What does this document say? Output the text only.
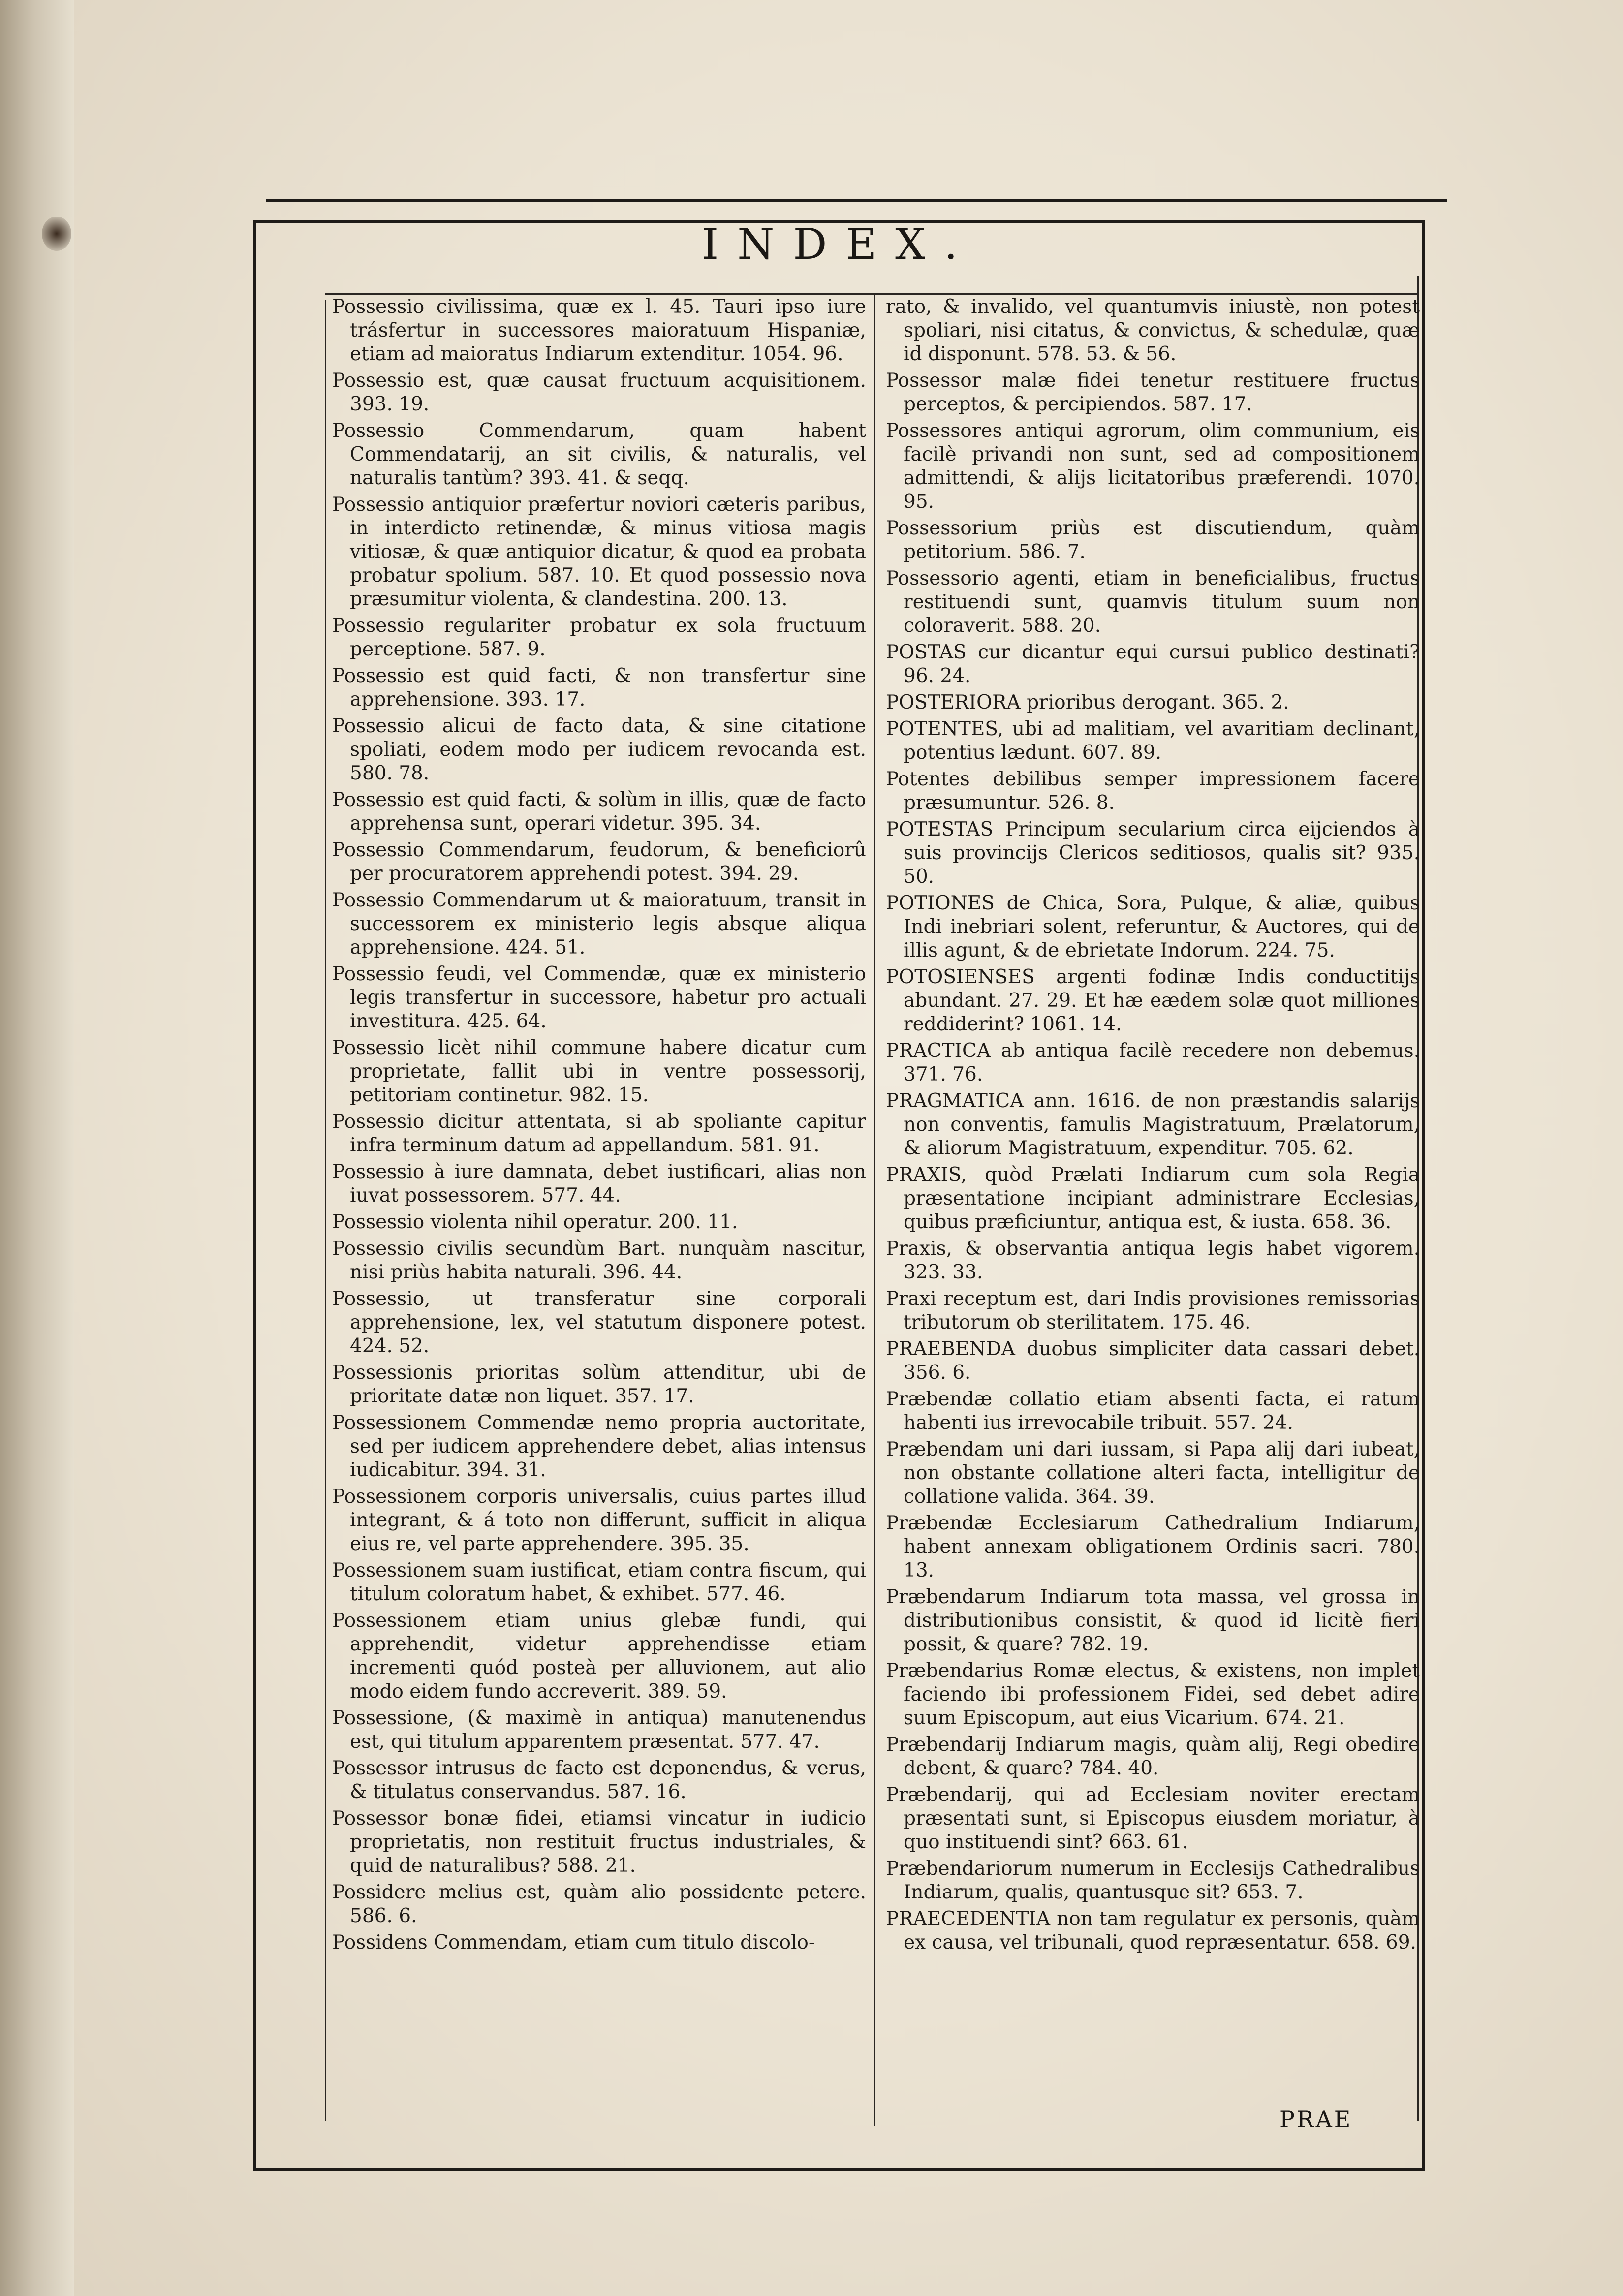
INDEX.

Possessio civilissima, quæ ex l. 45. Tauri ipso iure trásfertur in successores maioratuum Hispaniæ, etiam ad maioratus Indiarum extenditur. 1054. 96.

Possessio est, quæ causat fructuum acquisitionem. 393. 19.

Possessio Commendarum, quam habent Commendatarij, an sit civilis, & naturalis, vel naturalis tantùm? 393. 41. & seqq.

Possessio antiquior præfertur noviori cæteris paribus, in interdicto retinendæ, & minus vitiosa magis vitiosæ, & quæ antiquior dicatur, & quod ea probata probatur spolium. 587. 10. Et quod possessio nova præsumitur violenta, & clandestina. 200. 13.

Possessio regulariter probatur ex sola fructuum perceptione. 587. 9.

Possessio est quid facti, & non transfertur sine apprehensione. 393. 17.

Possessio alicui de facto data, & sine citatione spoliati, eodem modo per iudicem revocanda est. 580. 78.

Possessio est quid facti, & solùm in illis, quæ de facto apprehensa sunt, operari videtur. 395. 34.

Possessio Commendarum, feudorum, & beneficiorû per procuratorem apprehendi potest. 394. 29.

Possessio Commendarum ut & maioratuum, transit in successorem ex ministerio legis absque aliqua apprehensione. 424. 51.

Possessio feudi, vel Commendæ, quæ ex ministerio legis transfertur in successore, habetur pro actuali investitura. 425. 64.

Possessio licèt nihil commune habere dicatur cum proprietate, fallit ubi in ventre possessorij, petitoriam continetur. 982. 15.

Possessio dicitur attentata, si ab spoliante capitur infra terminum datum ad appellandum. 581. 91.

Possessio à iure damnata, debet iustificari, alias non iuvat possessorem. 577. 44.

Possessio violenta nihil operatur. 200. 11.

Possessio civilis secundùm Bart. nunquàm nascitur, nisi priùs habita naturali. 396. 44.

Possessio, ut transferatur sine corporali apprehensione, lex, vel statutum disponere potest. 424. 52.

Possessionis prioritas solùm attenditur, ubi de prioritate datæ non liquet. 357. 17.

Possessionem Commendæ nemo propria auctoritate, sed per iudicem apprehendere debet, alias intensus iudicabitur. 394. 31.

Possessionem corporis universalis, cuius partes illud integrant, & á toto non differunt, sufficit in aliqua eius re, vel parte apprehendere. 395. 35.

Possessionem suam iustificat, etiam contra fiscum, qui titulum coloratum habet, & exhibet. 577. 46.

Possessionem etiam unius glebæ fundi, qui apprehendit, videtur apprehendisse etiam incrementi quód posteà per alluvionem, aut alio modo eidem fundo accreverit. 389. 59.

Possessione, (& maximè in antiqua) manutenendus est, qui titulum apparentem præsentat. 577. 47.

Possessor intrusus de facto est deponendus, & verus, & titulatus conservandus. 587. 16.

Possessor bonæ fidei, etiamsi vincatur in iudicio proprietatis, non restituit fructus industriales, & quid de naturalibus? 588. 21.

Possidere melius est, quàm alio possidente petere. 586. 6.

Possidens Commendam, etiam cum titulo discolo-

rato, & invalido, vel quantumvis iniustè, non potest spoliari, nisi citatus, & convictus, & schedulæ, quæ id disponunt. 578. 53. & 56.

Possessor malæ fidei tenetur restituere fructus perceptos, & percipiendos. 587. 17.

Possessores antiqui agrorum, olim communium, eis facilè privandi non sunt, sed ad compositionem admittendi, & alijs licitatoribus præferendi. 1070. 95.

Possessorium priùs est discutiendum, quàm petitorium. 586. 7.

Possessorio agenti, etiam in beneficialibus, fructus restituendi sunt, quamvis titulum suum non coloraverit. 588. 20.

POSTAS cur dicantur equi cursui publico destinati? 96. 24.

POSTERIORA prioribus derogant. 365. 2.

POTENTES, ubi ad malitiam, vel avaritiam declinant, potentius lædunt. 607. 89.

Potentes debilibus semper impressionem facere præsumuntur. 526. 8.

POTESTAS Principum secularium circa eijciendos à suis provincijs Clericos seditiosos, qualis sit? 935. 50.

POTIONES de Chica, Sora, Pulque, & aliæ, quibus Indi inebriari solent, referuntur, & Auctores, qui de illis agunt, & de ebrietate Indorum. 224. 75.

POTOSIENSES argenti fodinæ Indis conductitijs abundant. 27. 29. Et hæ eædem solæ quot milliones reddiderint? 1061. 14.

PRACTICA ab antiqua facilè recedere non debemus. 371. 76.

PRAGMATICA ann. 1616. de non præstandis salarijs non conventis, famulis Magistratuum, Prælatorum, & aliorum Magistratuum, expenditur. 705. 62.

PRAXIS, quòd Prælati Indiarum cum sola Regia præsentatione incipiant administrare Ecclesias, quibus præficiuntur, antiqua est, & iusta. 658. 36.

Praxis, & observantia antiqua legis habet vigorem. 323. 33.

Praxi receptum est, dari Indis provisiones remissorias tributorum ob sterilitatem. 175. 46.

PRAEBENDA duobus simpliciter data cassari debet. 356. 6.

Præbendæ collatio etiam absenti facta, ei ratum habenti ius irrevocabile tribuit. 557. 24.

Præbendam uni dari iussam, si Papa alij dari iubeat, non obstante collatione alteri facta, intelligitur de collatione valida. 364. 39.

Præbendæ Ecclesiarum Cathedralium Indiarum, habent annexam obligationem Ordinis sacri. 780. 13.

Præbendarum Indiarum tota massa, vel grossa in distributionibus consistit, & quod id licitè fieri possit, & quare? 782. 19.

Præbendarius Romæ electus, & existens, non implet faciendo ibi professionem Fidei, sed debet adire suum Episcopum, aut eius Vicarium. 674. 21.

Præbendarij Indiarum magis, quàm alij, Regi obedire debent, & quare? 784. 40.

Præbendarij, qui ad Ecclesiam noviter erectam præsentati sunt, si Episcopus eiusdem moriatur, à quo instituendi sint? 663. 61.

Præbendariorum numerum in Ecclesijs Cathedralibus Indiarum, qualis, quantusque sit? 653. 7.

PRAECEDENTIA non tam regulatur ex personis, quàm ex causa, vel tribunali, quod repræsentatur. 658. 69.

PRAE
